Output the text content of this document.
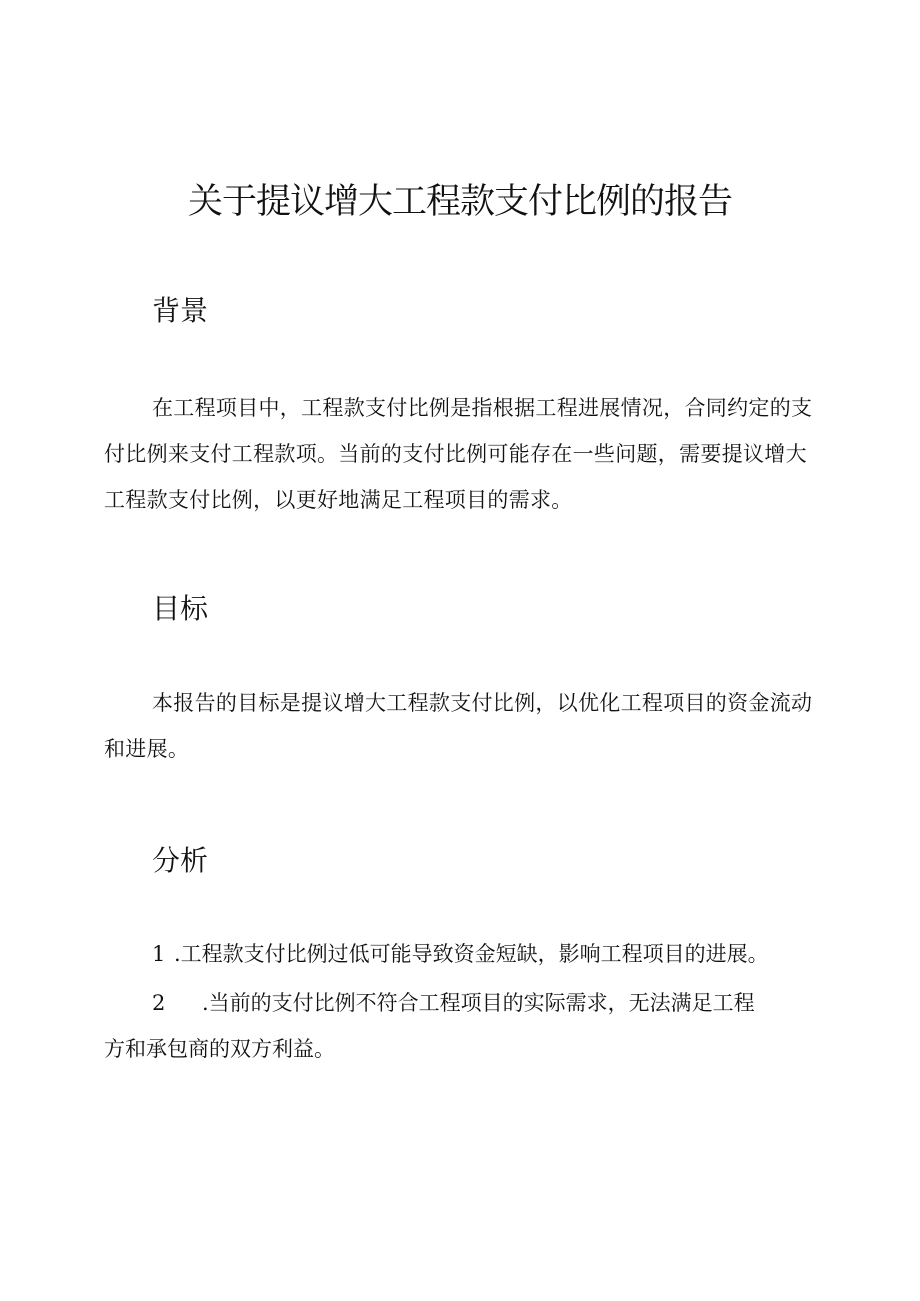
关于提议增大工程款支付比例的报告
背景

在工程项目中，工程款支付比例是指根据工程进展情况，合同约定的支付比例来支付工程款项。当前的支付比例可能存在一些问题，需要提议增大工程款支付比例，以更好地满足工程项目的需求。

目标

本报告的目标是提议增大工程款支付比例，以优化工程项目的资金流动和进展。

分析
1 .工程款支付比例过低可能导致资金短缺，影响工程项目的进展。
2 .当前的支付比例不符合工程项目的实际需求，无法满足工程
方和承包商的双方利益。
